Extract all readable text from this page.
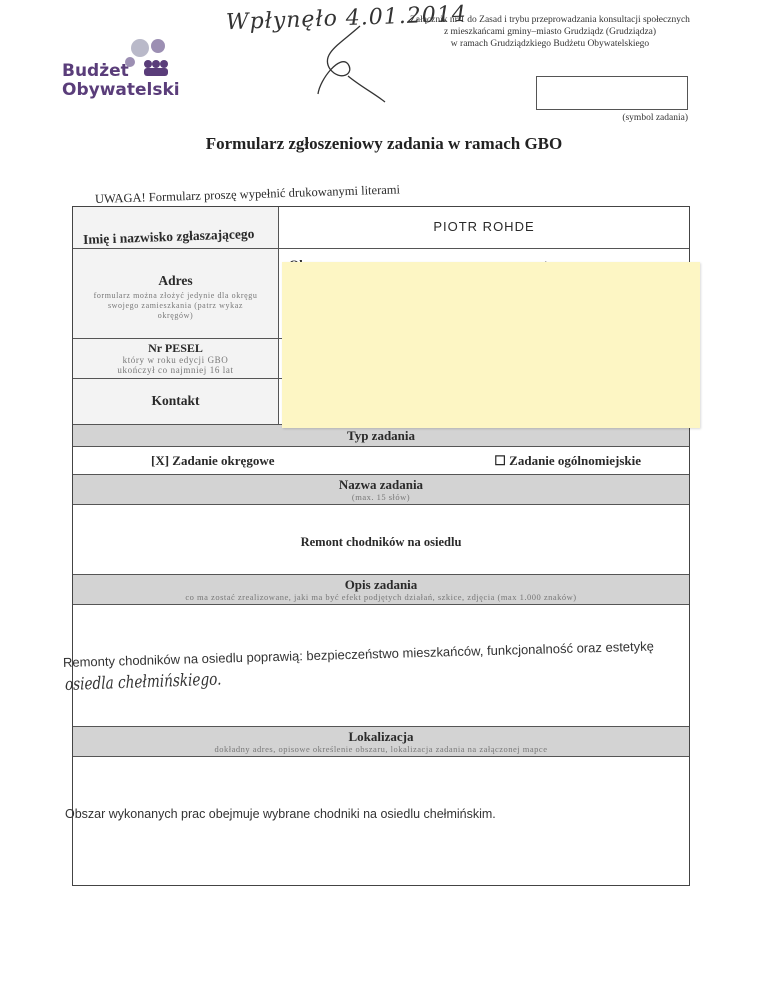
Budżet
Obywatelski
Wpłynęło 4.01.2014
Załącznik nr 1 do Zasad i trybu przeprowadzania konsultacji społecznych
z mieszkańcami gminy–miasto Grudziądz (Grudziądza)
w ramach Grudziądzkiego Budżetu Obywatelskiego
(symbol zadania)
Formularz zgłoszeniowy zadania w ramach GBO
UWAGA! Formularz proszę wypełnić drukowanymi literami
Imię i nazwisko zgłaszającego	PIOTR ROHDE
Adres
formularz można złożyć jedynie dla okręgu swojego zamieszkania (patrz wykaz okręgów)
Nr PESEL
który w roku edycji GBO ukończył co najmniej 16 lat
Kontakt
Typ zadania
[X] Zadanie okręgowe	☐ Zadanie ogólnomiejskie
Nazwa zadania
(max. 15 słów)
Remont chodników na osiedlu
Opis zadania
co ma zostać zrealizowane, jaki ma być efekt podjętych działań, szkice, zdjęcia (max 1.000 znaków)
Remonty chodników na osiedlu poprawią: bezpieczeństwo mieszkańców, funkcjonalność oraz estetykę
osiedla chełmińskiego.
Lokalizacja
dokładny adres, opisowe określenie obszaru, lokalizacja zadania na załączonej mapce
Obszar wykonanych prac obejmuje wybrane chodniki na osiedlu chełmińskim.
